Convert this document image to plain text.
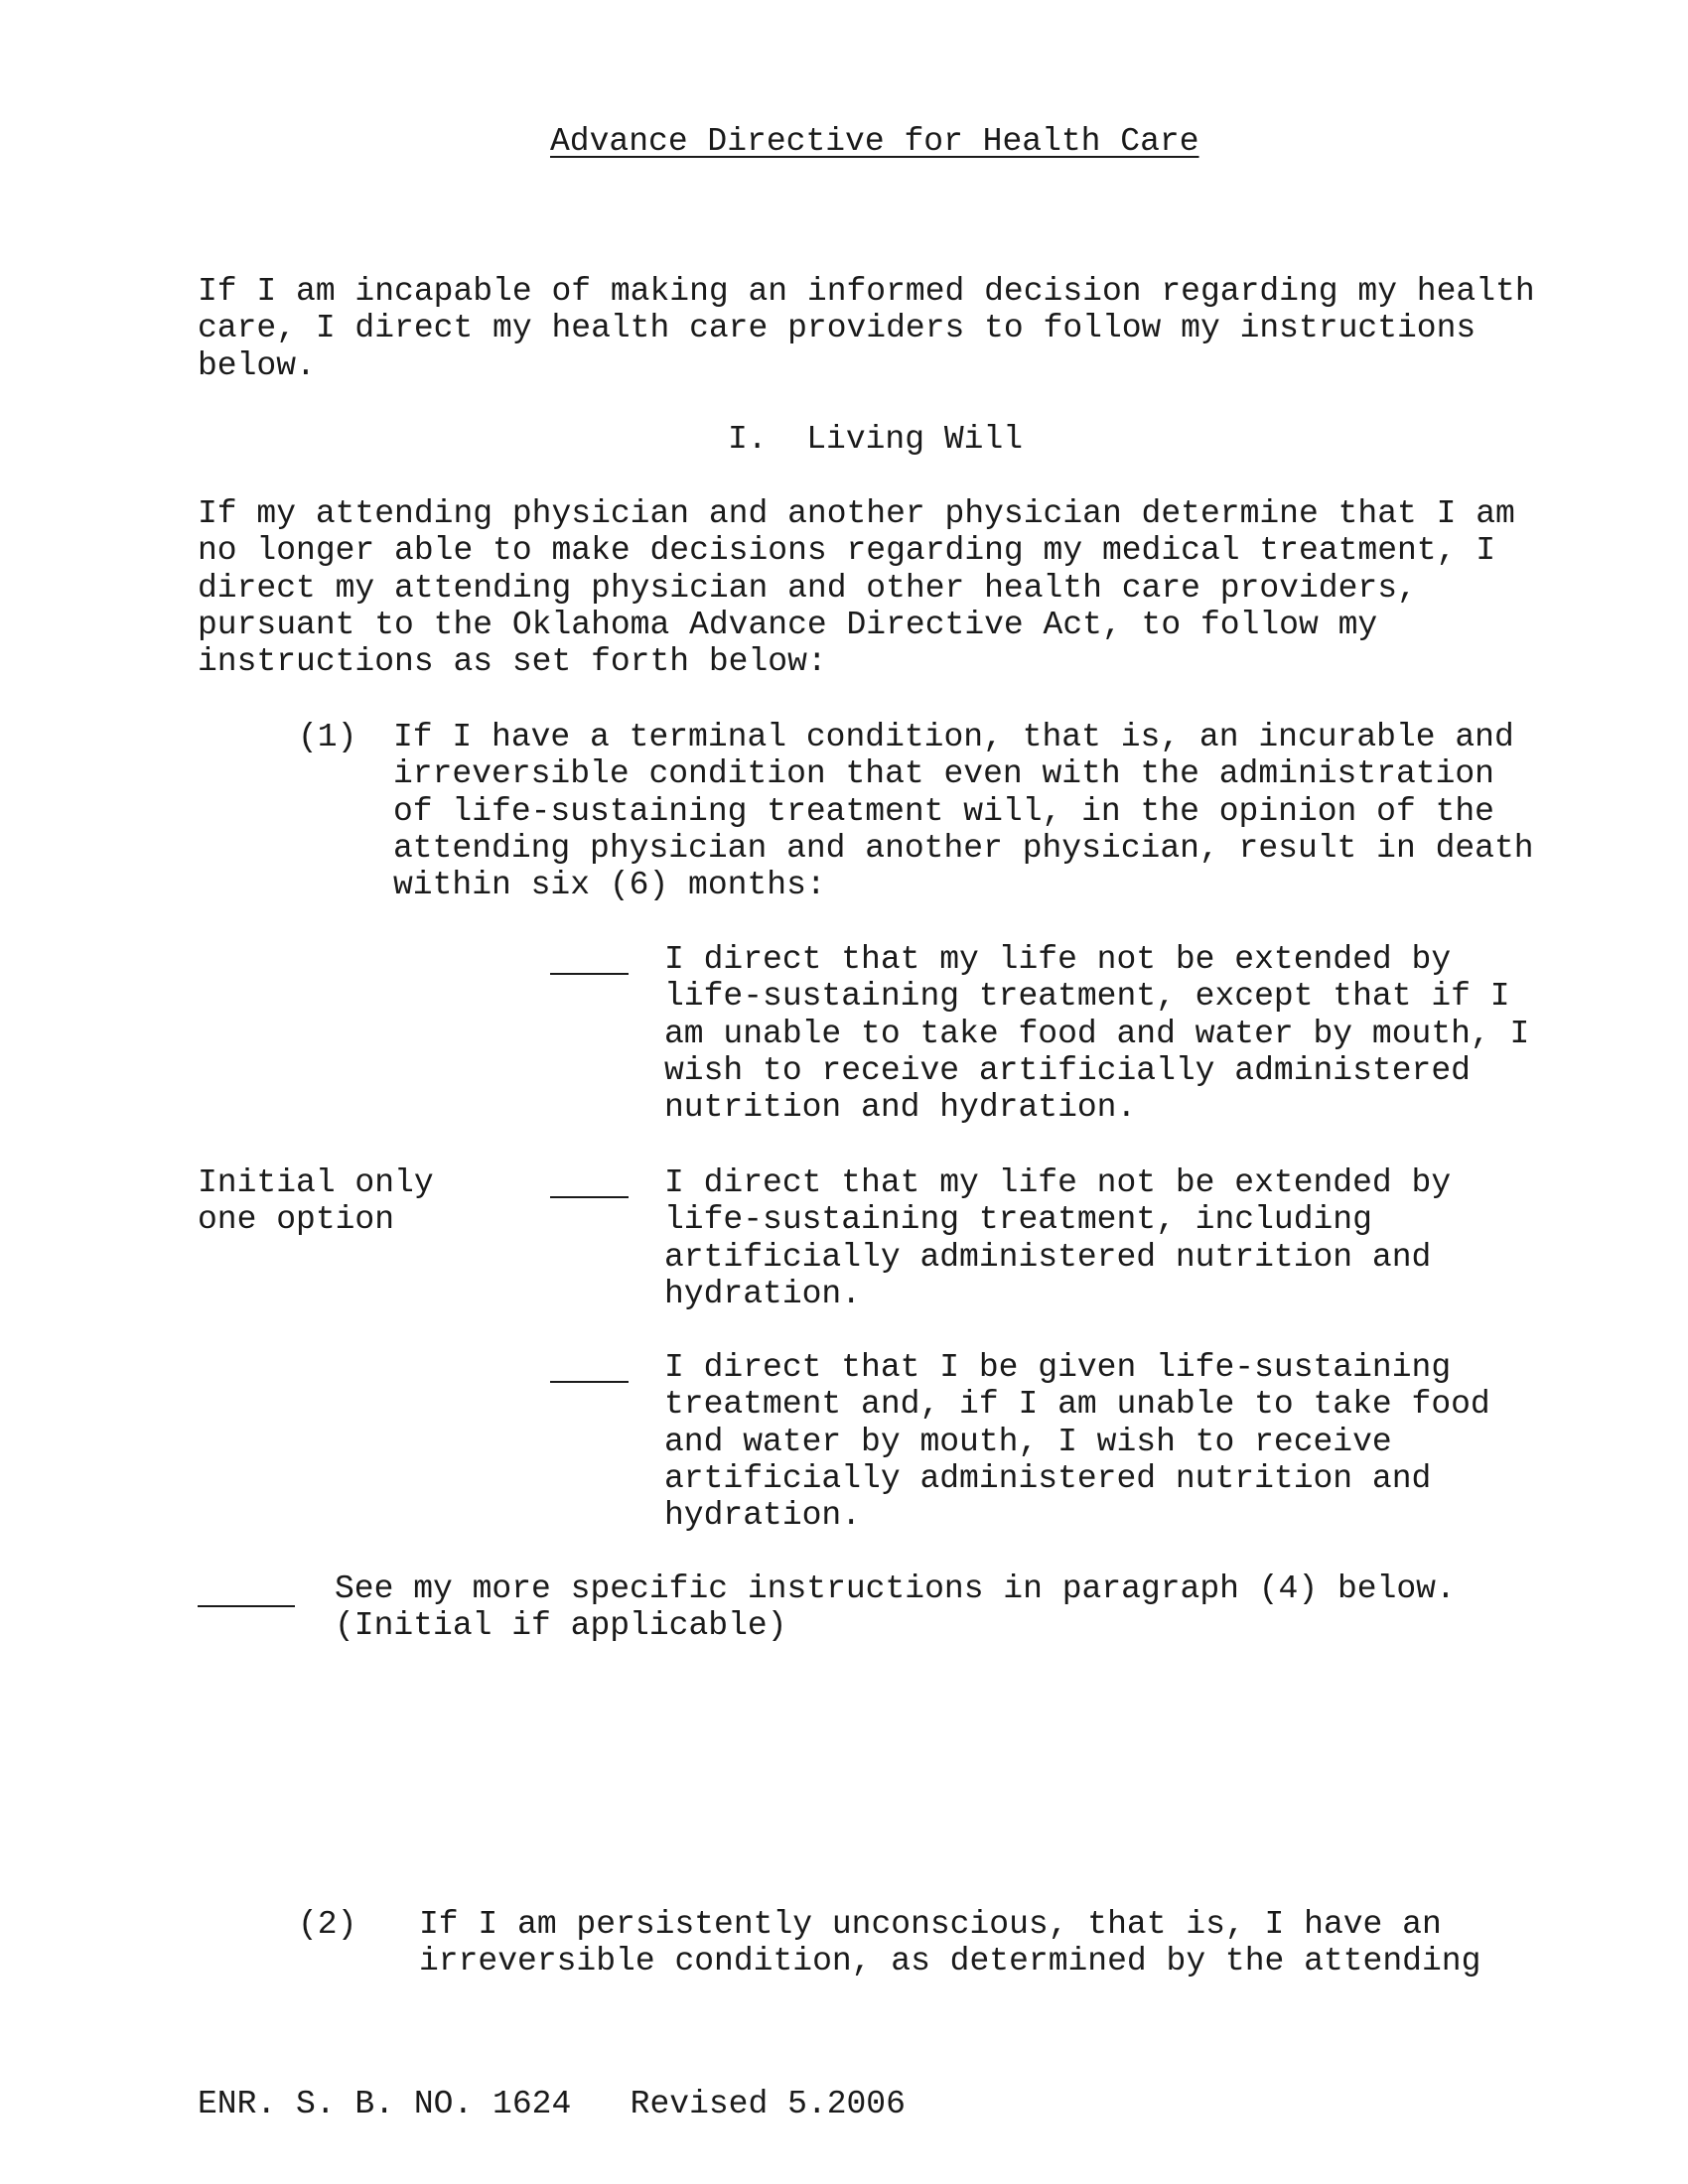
Advance Directive for Health Care
If I am incapable of making an informed decision regarding my health
care, I direct my health care providers to follow my instructions
below.
I.  Living Will
If my attending physician and another physician determine that I am
no longer able to make decisions regarding my medical treatment, I
direct my attending physician and other health care providers,
pursuant to the Oklahoma Advance Directive Act, to follow my
instructions as set forth below:
(1) If I have a terminal condition, that is, an incurable and
irreversible condition that even with the administration
of life-sustaining treatment will, in the opinion of the
attending physician and another physician, result in death
within six (6) months:
I direct that my life not be extended by
life-sustaining treatment, except that if I
am unable to take food and water by mouth, I
wish to receive artificially administered
nutrition and hydration.
Initial only
one option
I direct that my life not be extended by
life-sustaining treatment, including
artificially administered nutrition and
hydration.
I direct that I be given life-sustaining
treatment and, if I am unable to take food
and water by mouth, I wish to receive
artificially administered nutrition and
hydration.
See my more specific instructions in paragraph (4) below.
(Initial if applicable)
(2) If I am persistently unconscious, that is, I have an
irreversible condition, as determined by the attending
ENR. S. B. NO. 1624   Revised 5.2006
